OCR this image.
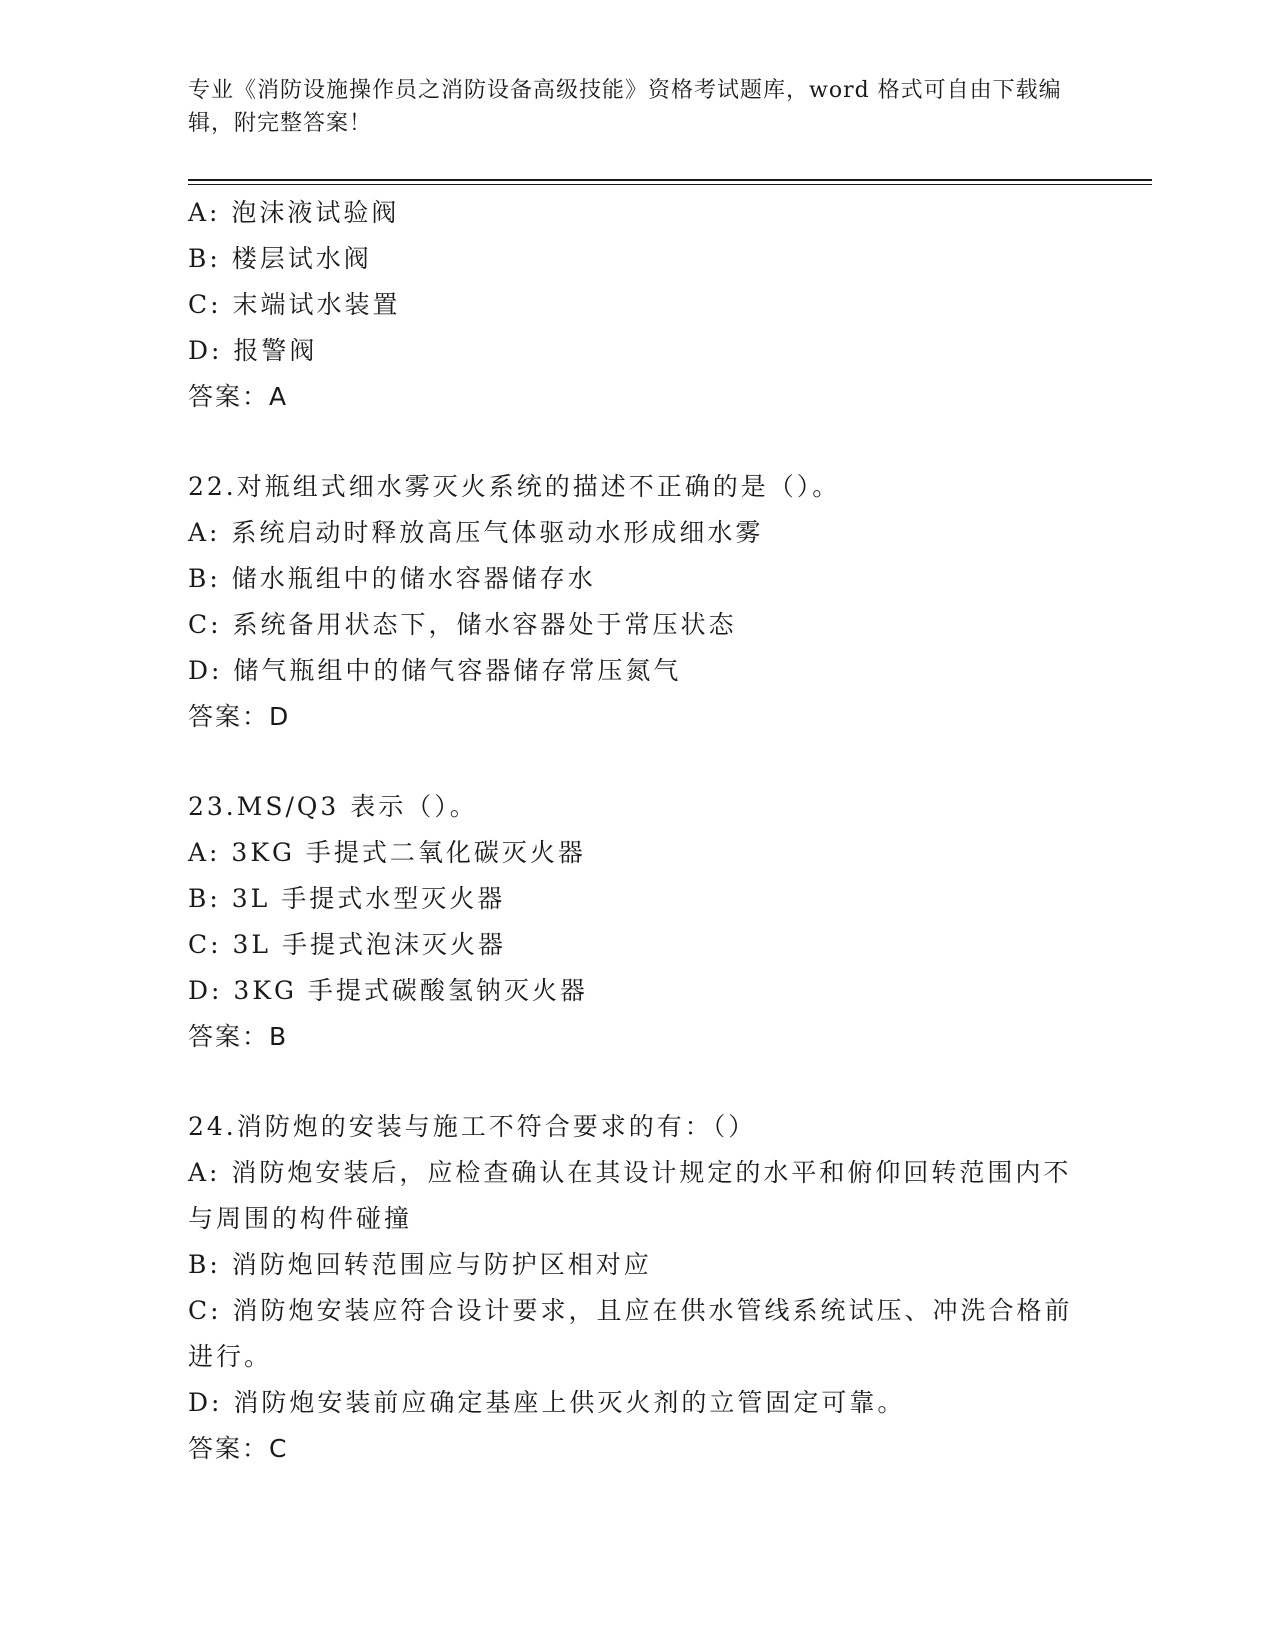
专业《消防设施操作员之消防设备高级技能》资格考试题库，word 格式可自由下载编辑，附完整答案！
A: 泡沫液试验阀
B: 楼层试水阀
C: 末端试水装置
D: 报警阀
答案：A
22.对瓶组式细水雾灭火系统的描述不正确的是（）。
A: 系统启动时释放高压气体驱动水形成细水雾
B: 储水瓶组中的储水容器储存水
C: 系统备用状态下，储水容器处于常压状态
D: 储气瓶组中的储气容器储存常压氮气
答案：D
23.MS/Q3 表示（）。
A: 3KG 手提式二氧化碳灭火器
B: 3L 手提式水型灭火器
C: 3L 手提式泡沫灭火器
D: 3KG 手提式碳酸氢钠灭火器
答案：B
24.消防炮的安装与施工不符合要求的有：（）
A: 消防炮安装后，应检查确认在其设计规定的水平和俯仰回转范围内不与周围的构件碰撞
B: 消防炮回转范围应与防护区相对应
C: 消防炮安装应符合设计要求，且应在供水管线系统试压、冲洗合格前进行。
D: 消防炮安装前应确定基座上供灭火剂的立管固定可靠。
答案：C
